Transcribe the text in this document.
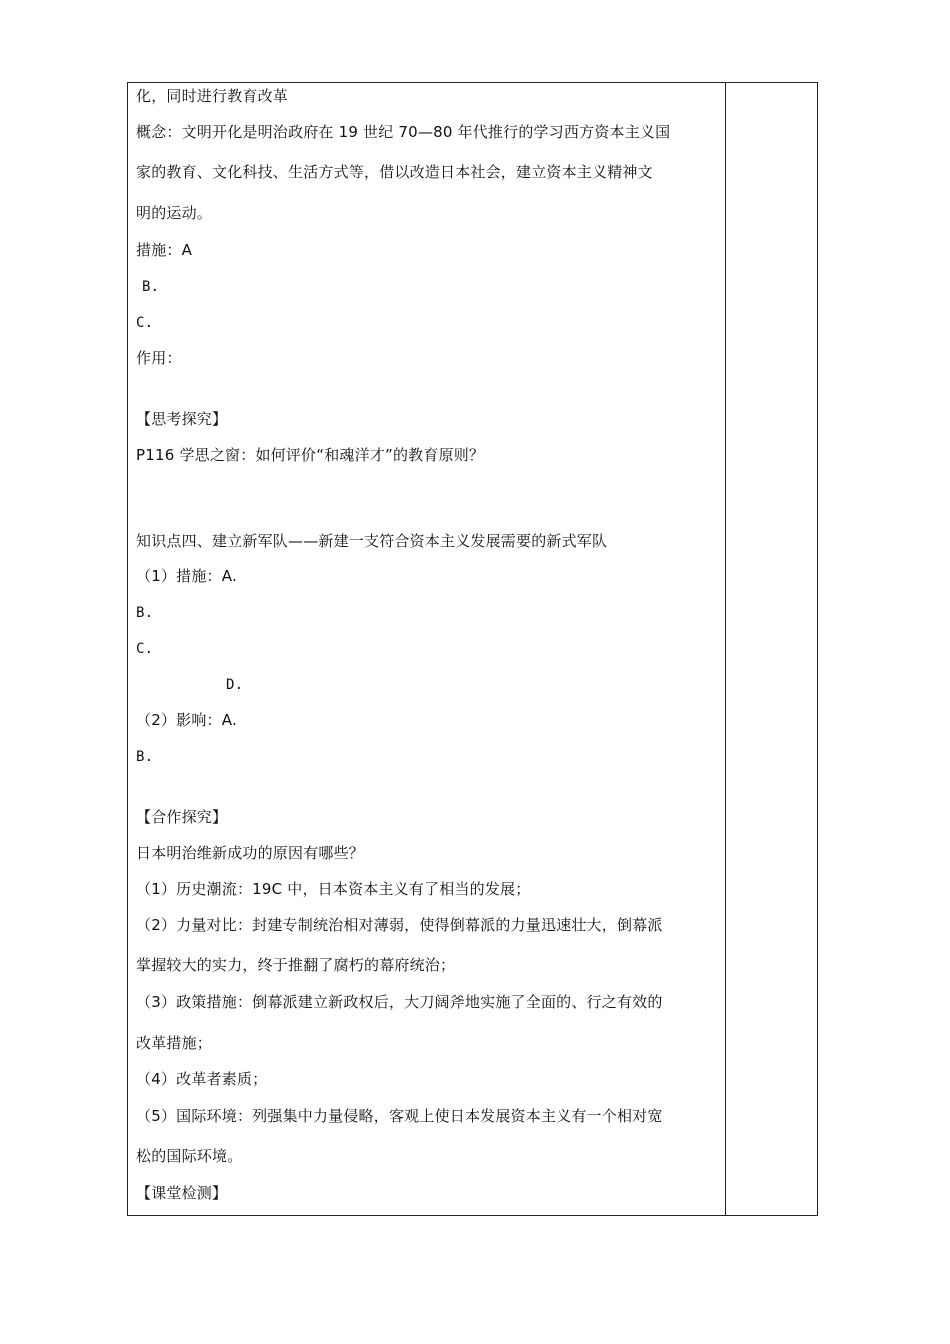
化，同时进行教育改革
概念：文明开化是明治政府在 19 世纪 70—80 年代推行的学习西方资本主义国
家的教育、文化科技、生活方式等，借以改造日本社会，建立资本主义精神文
明的运动。
措施：A
B.
C.
作用：
【思考探究】
P116 学思之窗：如何评价“和魂洋才”的教育原则？
知识点四、建立新军队——新建一支符合资本主义发展需要的新式军队
（1）措施：A.
B.
C.
D.
（2）影响：A.
B.
【合作探究】
日本明治维新成功的原因有哪些？
（1）历史潮流：19C 中，日本资本主义有了相当的发展；
（2）力量对比：封建专制统治相对薄弱，使得倒幕派的力量迅速壮大，倒幕派
掌握较大的实力，终于推翻了腐朽的幕府统治；
（3）政策措施：倒幕派建立新政权后，大刀阔斧地实施了全面的、行之有效的
改革措施；
（4）改革者素质；
（5）国际环境：列强集中力量侵略，客观上使日本发展资本主义有一个相对宽
松的国际环境。
【课堂检测】
